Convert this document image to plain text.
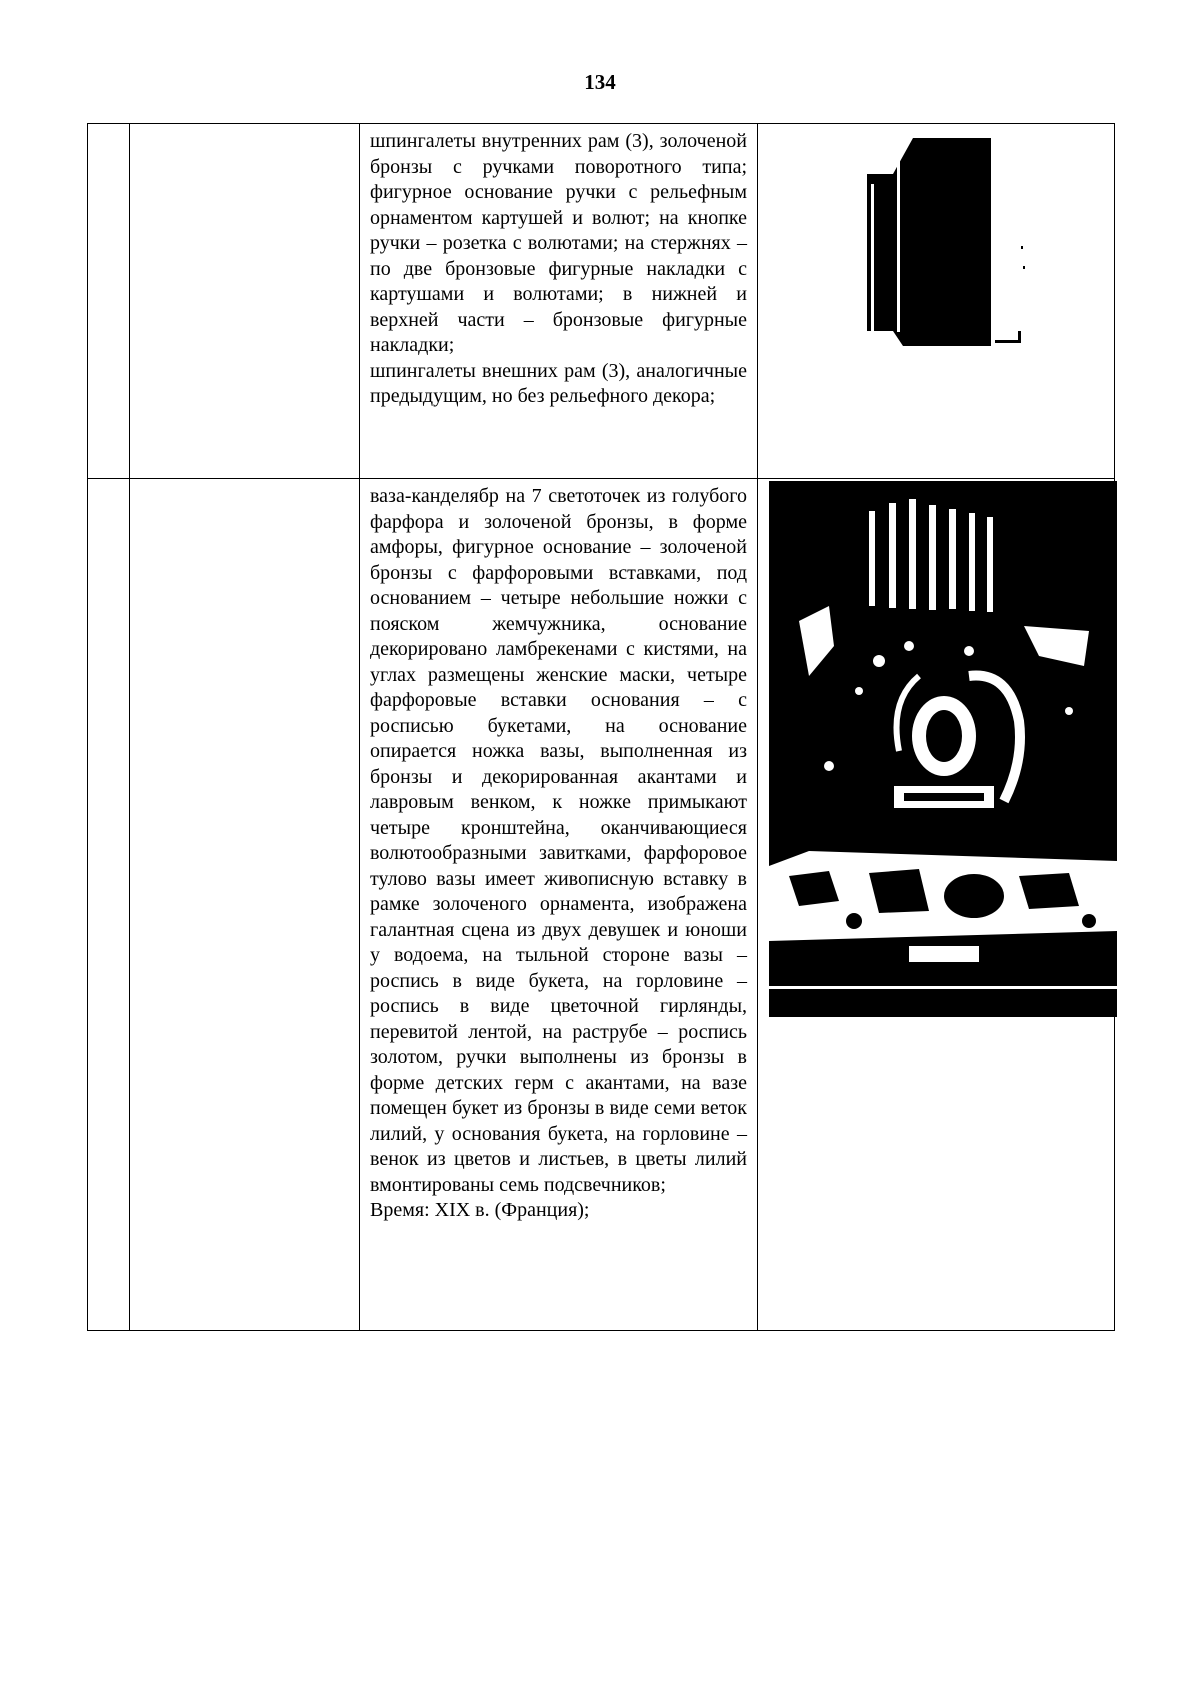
134

		шпингалеты внутренних рам (3), золоченой бронзы с ручками поворотного типа; фигурное основание ручки с рельефным орнаментом картушей и волют; на кнопке ручки – розетка с волютами; на стержнях – по две бронзовые фигурные накладки с картушами и волютами; в нижней и верхней части – бронзовые фигурные накладки;

шпингалеты внешних рам (3), аналогичные предыдущим, но без рельефного декора;

		ваза-канделябр на 7 светоточек из голубого фарфора и золоченой бронзы, в форме амфоры, фигурное основание – золоченой бронзы с фарфоровыми вставками, под основанием – четыре небольшие ножки с пояском жемчужника, основание декорировано ламбрекенами с кистями, на углах размещены женские маски, четыре фарфоровые вставки основания – с росписью букетами, на основание опирается ножка вазы, выполненная из бронзы и декорированная акантами и лавровым венком, к ножке примыкают четыре кронштейна, оканчивающиеся волютообразными завитками, фарфоровое тулово вазы имеет живописную вставку в рамке золоченого орнамента, изображена галантная сцена из двух девушек и юноши у водоема, на тыльной стороне вазы – роспись в виде букета, на горловине – роспись в виде цветочной гирлянды, перевитой лентой, на раструбе – роспись золотом, ручки выполнены из бронзы в форме детских герм с акантами, на вазе помещен букет из бронзы в виде семи веток лилий, у основания букета, на горловине – венок из цветов и листьев, в цветы лилий вмонтированы семь подсвечников;

Время: XIX в. (Франция);
